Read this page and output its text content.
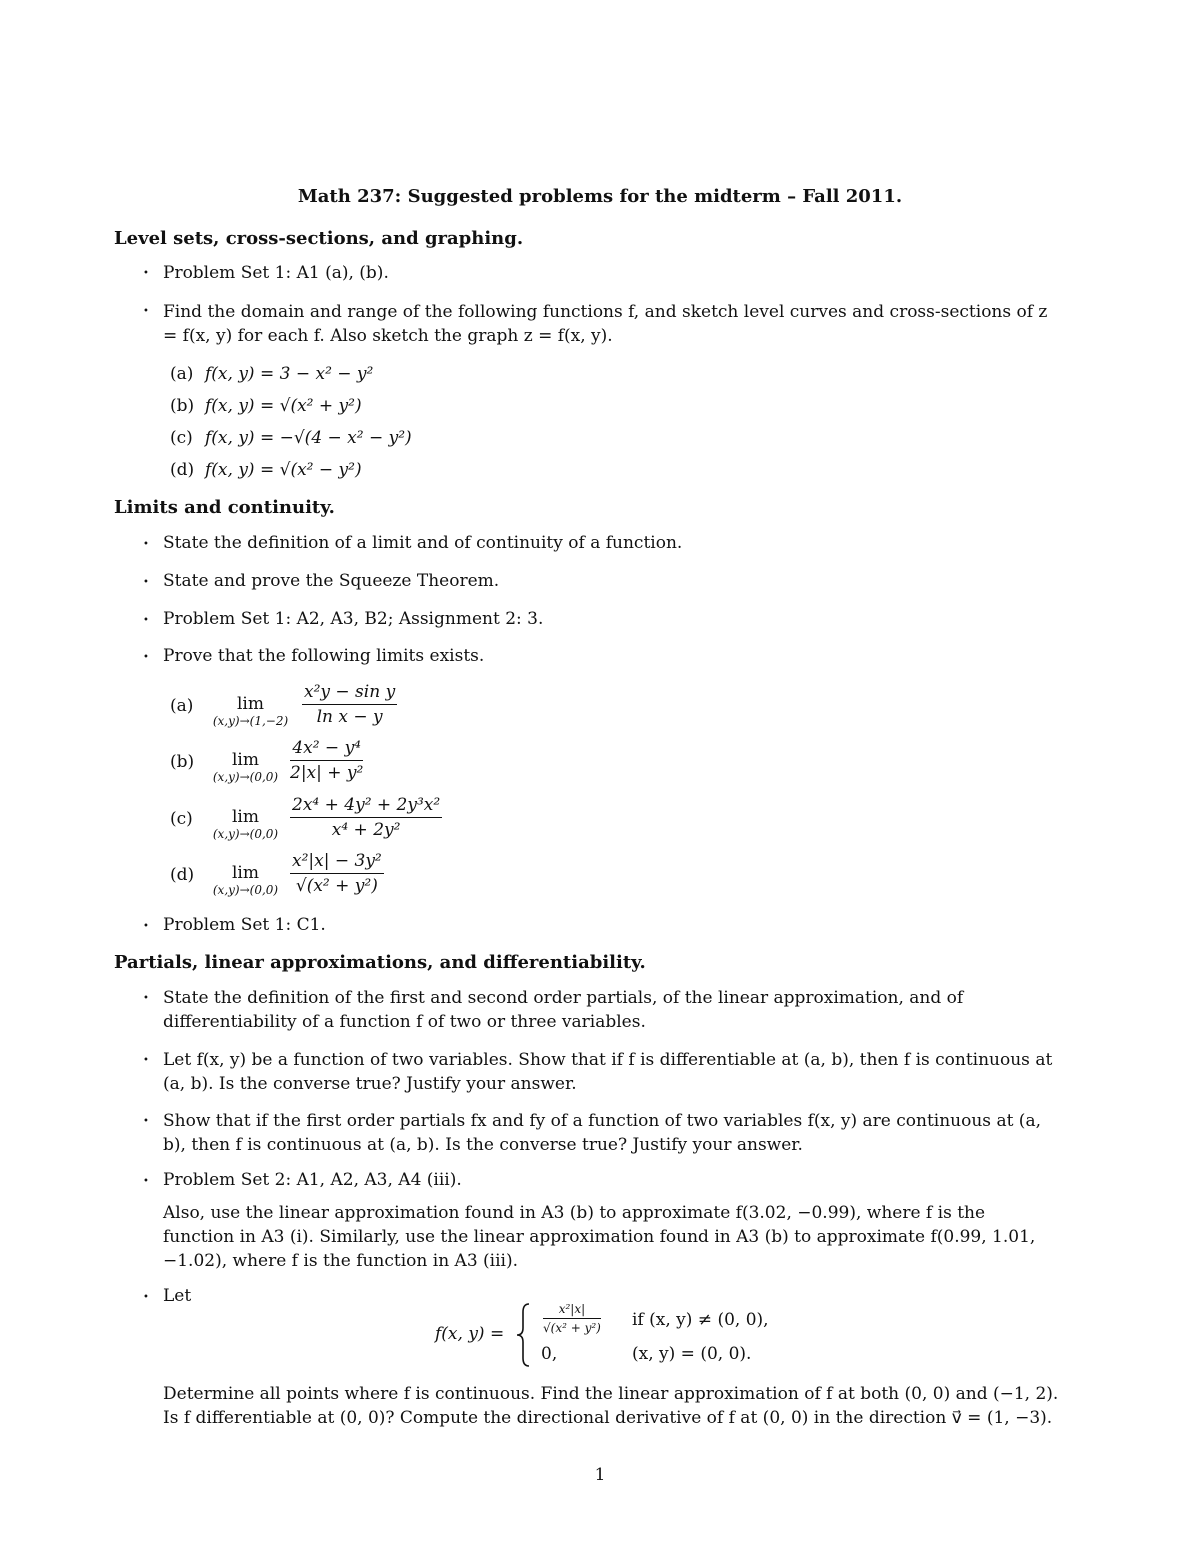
Math 237: Suggested problems for the midterm – Fall 2011.
Level sets, cross-sections, and graphing.
• Problem Set 1: A1 (a), (b).
• Find the domain and range of the following functions f, and sketch level curves and cross-sections of z = f(x, y) for each f. Also sketch the graph z = f(x, y).
(a) f(x, y) = 3 − x² − y²
(b) f(x, y) = √(x² + y²)
(c) f(x, y) = −√(4 − x² − y²)
(d) f(x, y) = √(x² − y²)
Limits and continuity.
• State the definition of a limit and of continuity of a function.
• State and prove the Squeeze Theorem.
• Problem Set 1: A2, A3, B2; Assignment 2: 3.
• Prove that the following limits exists.
(a)	lim
$(x,y)\to(1,-2) \frac{\text{x²y − sin y}}{\text{ln x − y}}$
(b)	lim
$(x,y)\to(0,0) \frac{\text{4x² − y⁴}}{\text{2|x| + y²}}$
(c)	lim
$(x,y)\to(0,0) \frac{\text{2x⁴ + 4y² + 2y³x²}}{\text{x⁴ + 2y²}}$
(d)	lim
$(x,y)\to(0,0) \frac{\text{x²|x| − 3y²}}{\text{√(x² + y²)}}$
• Problem Set 1: C1.
Partials, linear approximations, and differentiability.
• State the definition of the first and second order partials, of the linear approximation, and of differentiability of a function f of two or three variables.
• Let f(x, y) be a function of two variables. Show that if f is differentiable at (a, b), then f is continuous at (a, b). Is the converse true? Justify your answer.
• Show that if the first order partials fx and fy of a function of two variables f(x, y) are continuous at (a, b), then f is continuous at (a, b). Is the converse true? Justify your answer.
• Problem Set 2: A1, A2, A3, A4 (iii).
Also, use the linear approximation found in A3 (b) to approximate f(3.02, −0.99), where f is the function in A3 (i). Similarly, use the linear approximation found in A3 (b) to approximate f(0.99, 1.01, −1.02), where f is the function in A3 (iii).
• Let
f(x, y) =	$\frac{\text{x²|x|}}{\text{√(x² + y²)}}$ if (x, y) ≠ (0, 0),
0,	(x, y) = (0, 0).
Determine all points where f is continuous. Find the linear approximation of f at both (0, 0) and (−1, 2).
Is f differentiable at (0, 0)? Compute the directional derivative of f at (0, 0) in the direction v⃗ = (1, −3).
1
